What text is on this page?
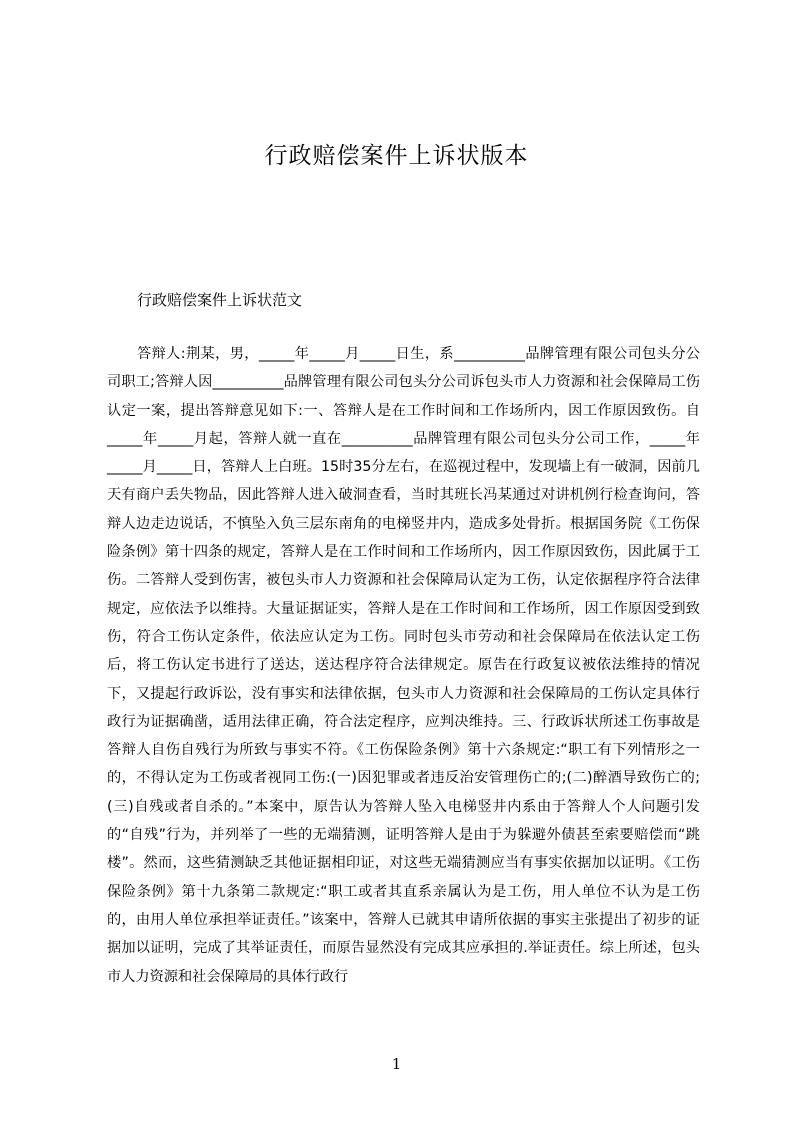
行政赔偿案件上诉状版本
行政赔偿案件上诉状范文

答辩人:荆某，男，_____年_____月_____日生，系__________品牌管理有限公司包头分公司职工;答辩人因__________品牌管理有限公司包头分公司诉包头市人力资源和社会保障局工伤认定一案，提出答辩意见如下:一、答辩人是在工作时间和工作场所内，因工作原因致伤。自_____年_____月起，答辩人就一直在__________品牌管理有限公司包头分公司工作，_____年_____月_____日，答辩人上白班。15时35分左右，在巡视过程中，发现墙上有一破洞，因前几天有商户丢失物品，因此答辩人进入破洞查看，当时其班长冯某通过对讲机例行检查询问，答辩人边走边说话，不慎坠入负三层东南角的电梯竖井内，造成多处骨折。根据国务院《工伤保险条例》第十四条的规定，答辩人是在工作时间和工作场所内，因工作原因致伤，因此属于工伤。二答辩人受到伤害，被包头市人力资源和社会保障局认定为工伤，认定依据程序符合法律规定，应依法予以维持。大量证据证实，答辩人是在工作时间和工作场所，因工作原因受到致伤，符合工伤认定条件，依法应认定为工伤。同时包头市劳动和社会保障局在依法认定工伤后，将工伤认定书进行了送达，送达程序符合法律规定。原告在行政复议被依法维持的情况下，又提起行政诉讼，没有事实和法律依据，包头市人力资源和社会保障局的工伤认定具体行政行为证据确凿，适用法律正确，符合法定程序，应判决维持。三、行政诉状所述工伤事故是答辩人自伤自残行为所致与事实不符。《工伤保险条例》第十六条规定:“职工有下列情形之一的，不得认定为工伤或者视同工伤:(一)因犯罪或者违反治安管理伤亡的;(二)醉酒导致伤亡的;(三)自残或者自杀的。”本案中，原告认为答辩人坠入电梯竖井内系由于答辩人个人问题引发的“自残”行为，并列举了一些的无端猜测，证明答辩人是由于为躲避外债甚至索要赔偿而“跳楼”。然而，这些猜测缺乏其他证据相印证，对这些无端猜测应当有事实依据加以证明。《工伤保险条例》第十九条第二款规定:“职工或者其直系亲属认为是工伤，用人单位不认为是工伤的，由用人单位承担举证责任。”该案中，答辩人已就其申请所依据的事实主张提出了初步的证据加以证明，完成了其举证责任，而原告显然没有完成其应承担的.举证责任。综上所述，包头市人力资源和社会保障局的具体行政行

1
